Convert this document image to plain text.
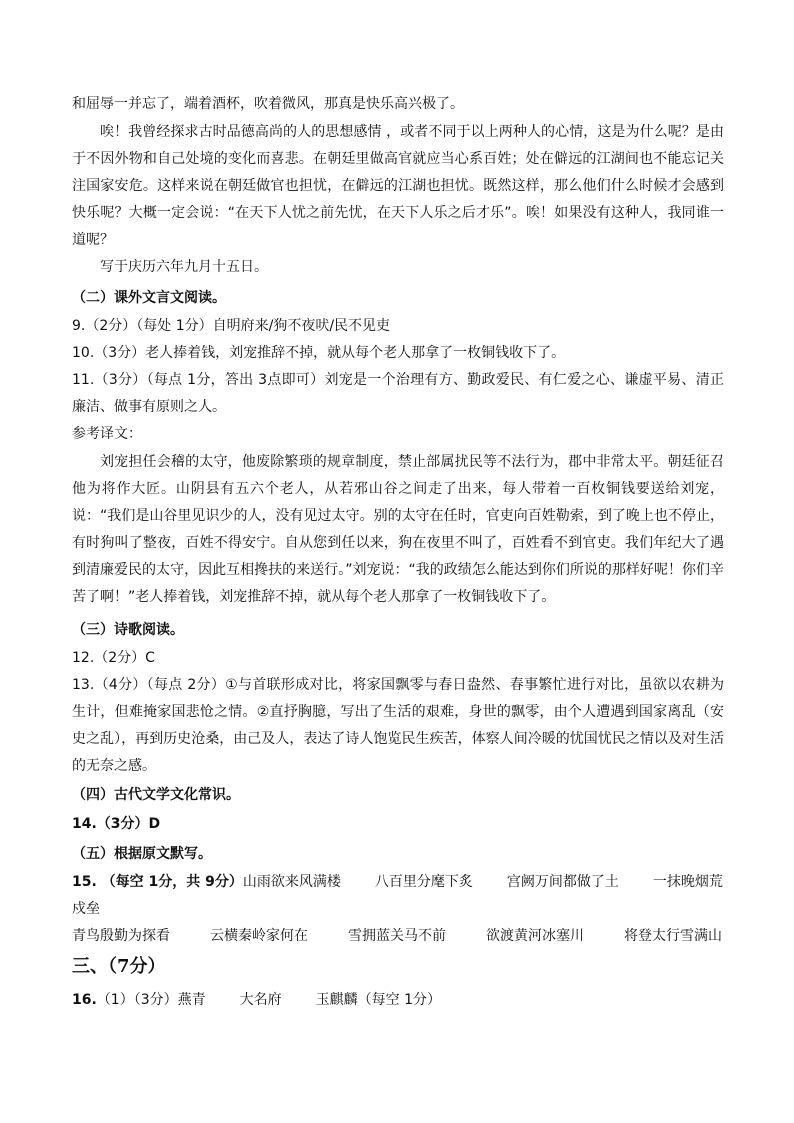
和屈辱一并忘了，端着酒杯，吹着微风，那真是快乐高兴极了。

唉！我曾经探求古时品德高尚的人的思想感情 ，或者不同于以上两种人的心情，这是为什么呢？是由于不因外物和自己处境的变化而喜悲。在朝廷里做高官就应当心系百姓；处在僻远的江湖间也不能忘记关注国家安危。这样来说在朝廷做官也担忧，在僻远的江湖也担忧。既然这样，那么他们什么时候才会感到快乐呢？大概一定会说：“在天下人忧之前先忧，在天下人乐之后才乐”。唉！如果没有这种人，我同谁一道呢？

写于庆历六年九月十五日。

（二）课外文言文阅读。

9.（2分）（每处 1分）自明府来/狗不夜吠/民不见吏

10.（3分）老人捧着钱，刘宠推辞不掉，就从每个老人那拿了一枚铜钱收下了。

11.（3分）（每点 1分，答出 3点即可）刘宠是一个治理有方、勤政爱民、有仁爱之心、谦虚平易、清正廉洁、做事有原则之人。

参考译文：

刘宠担任会稽的太守，他废除繁琐的规章制度，禁止部属扰民等不法行为，郡中非常太平。朝廷征召他为将作大匠。山阴县有五六个老人，从若邪山谷之间走了出来，每人带着一百枚铜钱要送给刘宠，说：“我们是山谷里见识少的人，没有见过太守。别的太守在任时，官吏向百姓勒索，到了晚上也不停止，有时狗叫了整夜，百姓不得安宁。自从您到任以来，狗在夜里不叫了，百姓看不到官吏。我们年纪大了遇到清廉爱民的太守，因此互相搀扶的来送行。”刘宠说：“我的政绩怎么能达到你们所说的那样好呢！你们辛苦了啊！”老人捧着钱，刘宠推辞不掉，就从每个老人那拿了一枚铜钱收下了。

（三）诗歌阅读。

12.（2分）C

13.（4分）（每点 2分）①与首联形成对比，将家国飘零与春日盎然、春事繁忙进行对比，虽欲以农耕为生计，但难掩家国悲怆之情。②直抒胸臆，写出了生活的艰难，身世的飘零，由个人遭遇到国家离乱（安史之乱），再到历史沧桑，由己及人，表达了诗人饱览民生疾苦，体察人间冷暖的忧国忧民之情以及对生活的无奈之感。

（四）古代文学文化常识。

14.（3分）D

（五）根据原文默写。

15. （每空 1分，共 9分）山雨欲来风满楼 八百里分麾下炙 宫阙万间都做了土 一抹晚烟荒戍垒
青鸟殷勤为探看	云横秦岭家何在	雪拥蓝关马不前	欲渡黄河冰塞川	将登太行雪满山

三、（7分）

16.（1）（3分）燕青 大名府 玉麒麟（每空 1分）
